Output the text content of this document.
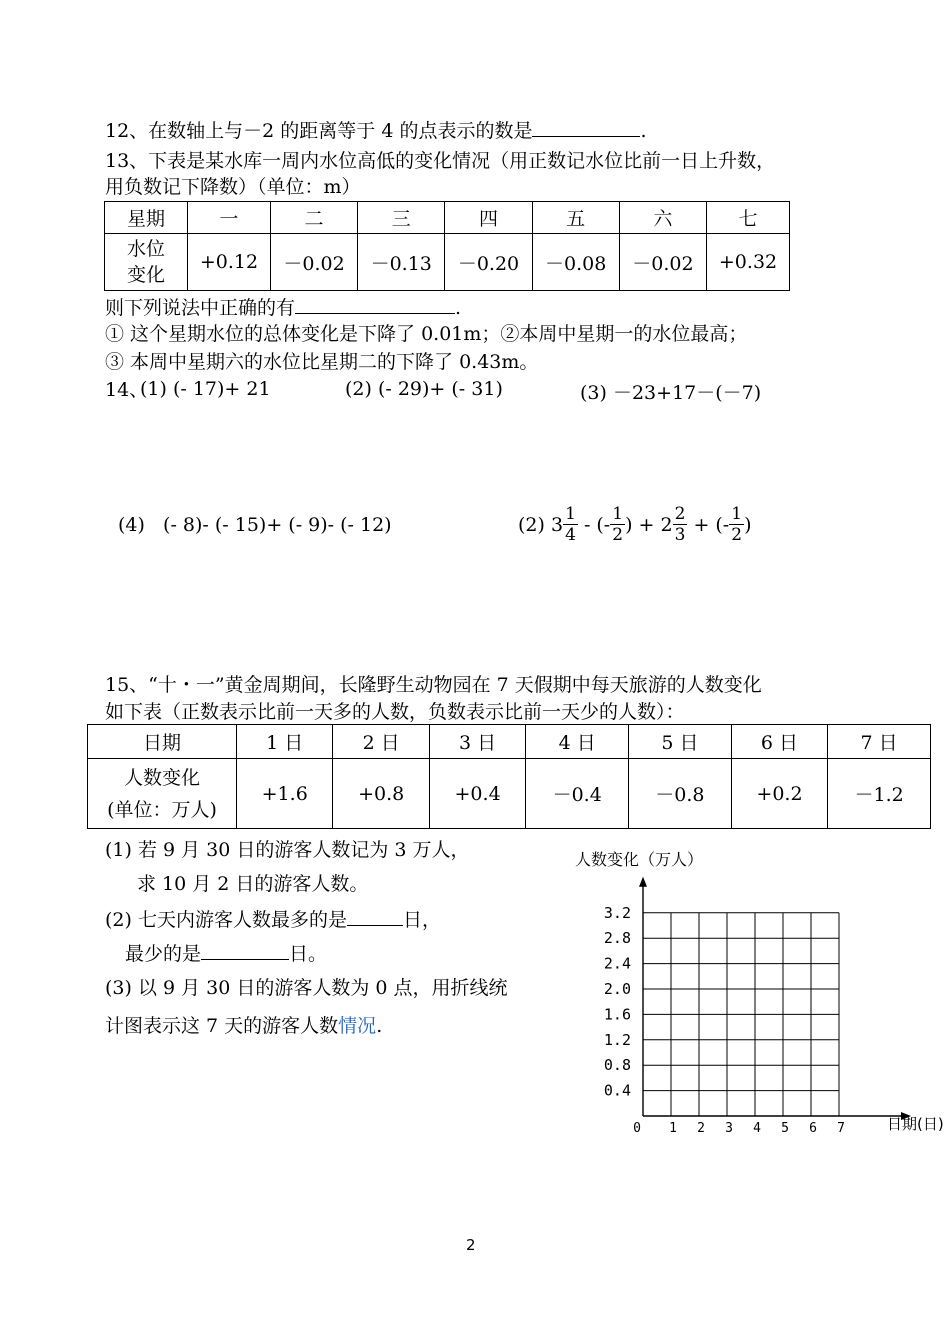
12、在数轴上与－2 的距离等于 4 的点表示的数是	.
13、下表是某水库一周内水位高低的变化情况（用正数记水位比前一日上升数，
用负数记下降数）（单位：m）
星期	一	二	三	四	五	六	七
水位
变化	+0.12	－0.02	－0.13	－0.20	－0.08	－0.02	+0.32
则下列说法中正确的有	.
① 这个星期水位的总体变化是下降了 0.01m；②本周中星期一的水位最高；
③ 本周中星期六的水位比星期二的下降了 0.43m。
14、
(1) (- 17)+ 21	(2) (- 29)+ (- 31)	(3) －23+17－(－7)
(4) (- 8)- (- 15)+ (- 9)- (- 12)	(2) $3 \frac{1}{4}$ - (- $\frac{1}{2}$ ) + $2 \frac{2}{3}$ + (- $\frac{1}{2}$ )
15、“十・一”黄金周期间，长隆野生动物园在 7 天假期中每天旅游的人数变化
如下表（正数表示比前一天多的人数，负数表示比前一天少的人数）：
日期	1 日	2 日	3 日	4 日	5 日	6 日	7 日
人数变化
(单位：万人)	+1.6	+0.8	+0.4	－0.4	－0.8	+0.2	－1.2
(1) 若 9 月 30 日的游客人数记为 3 万人，
求 10 月 2 日的游客人数。
(2) 七天内游客人数最多的是	日，
最少的是	日。
(3) 以 9 月 30 日的游客人数为 0 点，用折线统
计图表示这 7 天的游客人数情况.
0.4
0.8
1.2
1.6
2.0
2.4
2.8
3.2
0 1 2 3 4 5 6 7
人数变化（万人）
日期(日)
2
